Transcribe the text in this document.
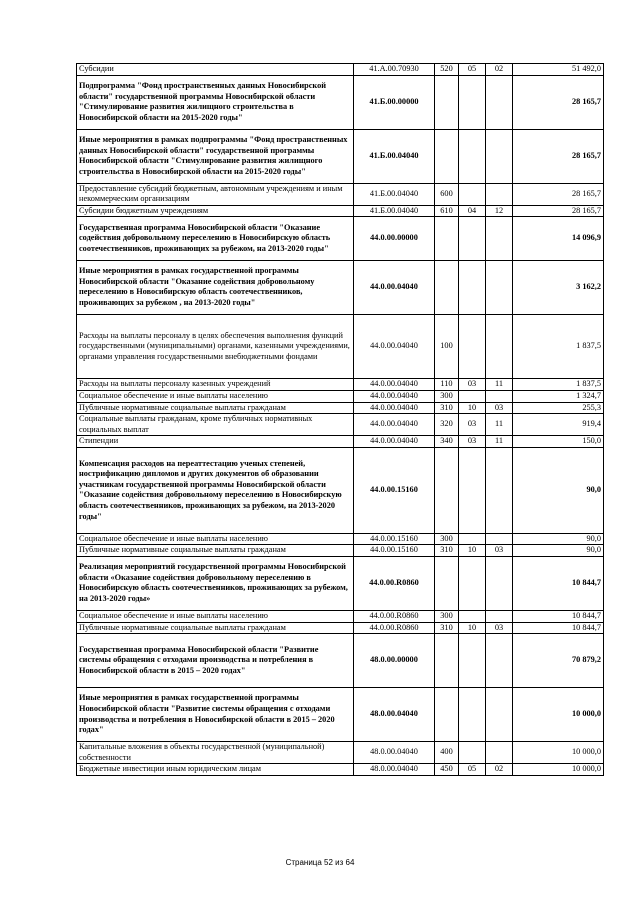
Субсидии	41.А.00.70930	520	05	02	51 492,0
Подпрограмма "Фонд пространственных данных Новосибирской области" государственной программы Новосибирской области "Стимулирование развития жилищного строительства в Новосибирской области на 2015-2020 годы"	41.Б.00.00000				28 165,7
Иные мероприятия в рамках подпрограммы "Фонд пространственных данных Новосибирской области" государственной программы Новосибирской области "Стимулирование развития жилищного строительства в Новосибирской области на 2015-2020 годы"	41.Б.00.04040				28 165,7
Предоставление субсидий бюджетным, автономным учреждениям и иным некоммерческим организациям	41.Б.00.04040	600			28 165,7
Субсидии бюджетным учреждениям	41.Б.00.04040	610	04	12	28 165,7
Государственная программа Новосибирской области "Оказание содействия добровольному переселению в Новосибирскую область соотечественников, проживающих за рубежом, на 2013-2020 годы"	44.0.00.00000				14 096,9
Иные мероприятия в рамках государственной программы Новосибирской области "Оказание содействия добровольному переселению в Новосибирскую область соотечественников, проживающих за рубежом , на 2013-2020 годы"	44.0.00.04040				3 162,2
Расходы на выплаты персоналу в целях обеспечения выполнения функций государственными (муниципальными) органами, казенными учреждениями, органами управления государственными внебюджетными фондами	44.0.00.04040	100			1 837,5
Расходы на выплаты персоналу казенных учреждений	44.0.00.04040	110	03	11	1 837,5
Социальное обеспечение и иные выплаты населению	44.0.00.04040	300			1 324,7
Публичные нормативные социальные выплаты гражданам	44.0.00.04040	310	10	03	255,3
Социальные выплаты гражданам, кроме публичных нормативных социальных выплат	44.0.00.04040	320	03	11	919,4
Стипендии	44.0.00.04040	340	03	11	150,0
Компенсация расходов на переаттестацию ученых степеней, нострификацию дипломов и других документов об образовании участникам государственной программы Новосибирской области "Оказание содействия добровольному переселению в Новосибирскую область соотечественников, проживающих за рубежом, на 2013-2020 годы"	44.0.00.15160				90,0
Социальное обеспечение и иные выплаты населению	44.0.00.15160	300			90,0
Публичные нормативные социальные выплаты гражданам	44.0.00.15160	310	10	03	90,0
Реализация мероприятий государственной программы Новосибирской области «Оказание содействия добровольному переселению в Новосибирскую область соотечественников, проживающих за рубежом, на 2013-2020 годы»	44.0.00.R0860				10 844,7
Социальное обеспечение и иные выплаты населению	44.0.00.R0860	300			10 844,7
Публичные нормативные социальные выплаты гражданам	44.0.00.R0860	310	10	03	10 844,7
Государственная программа Новосибирской области "Развитие системы обращения с отходами производства и потребления в Новосибирской области в 2015 – 2020 годах"	48.0.00.00000				70 879,2
Иные мероприятия в рамках государственной программы Новосибирской области "Развитие системы обращения с отходами производства и потребления в Новосибирской области в 2015 – 2020 годах"	48.0.00.04040				10 000,0
Капитальные вложения в объекты государственной (муниципальной) собственности	48.0.00.04040	400			10 000,0
Бюджетные инвестиции иным юридическим лицам	48.0.00.04040	450	05	02	10 000,0
Страница 52 из 64
